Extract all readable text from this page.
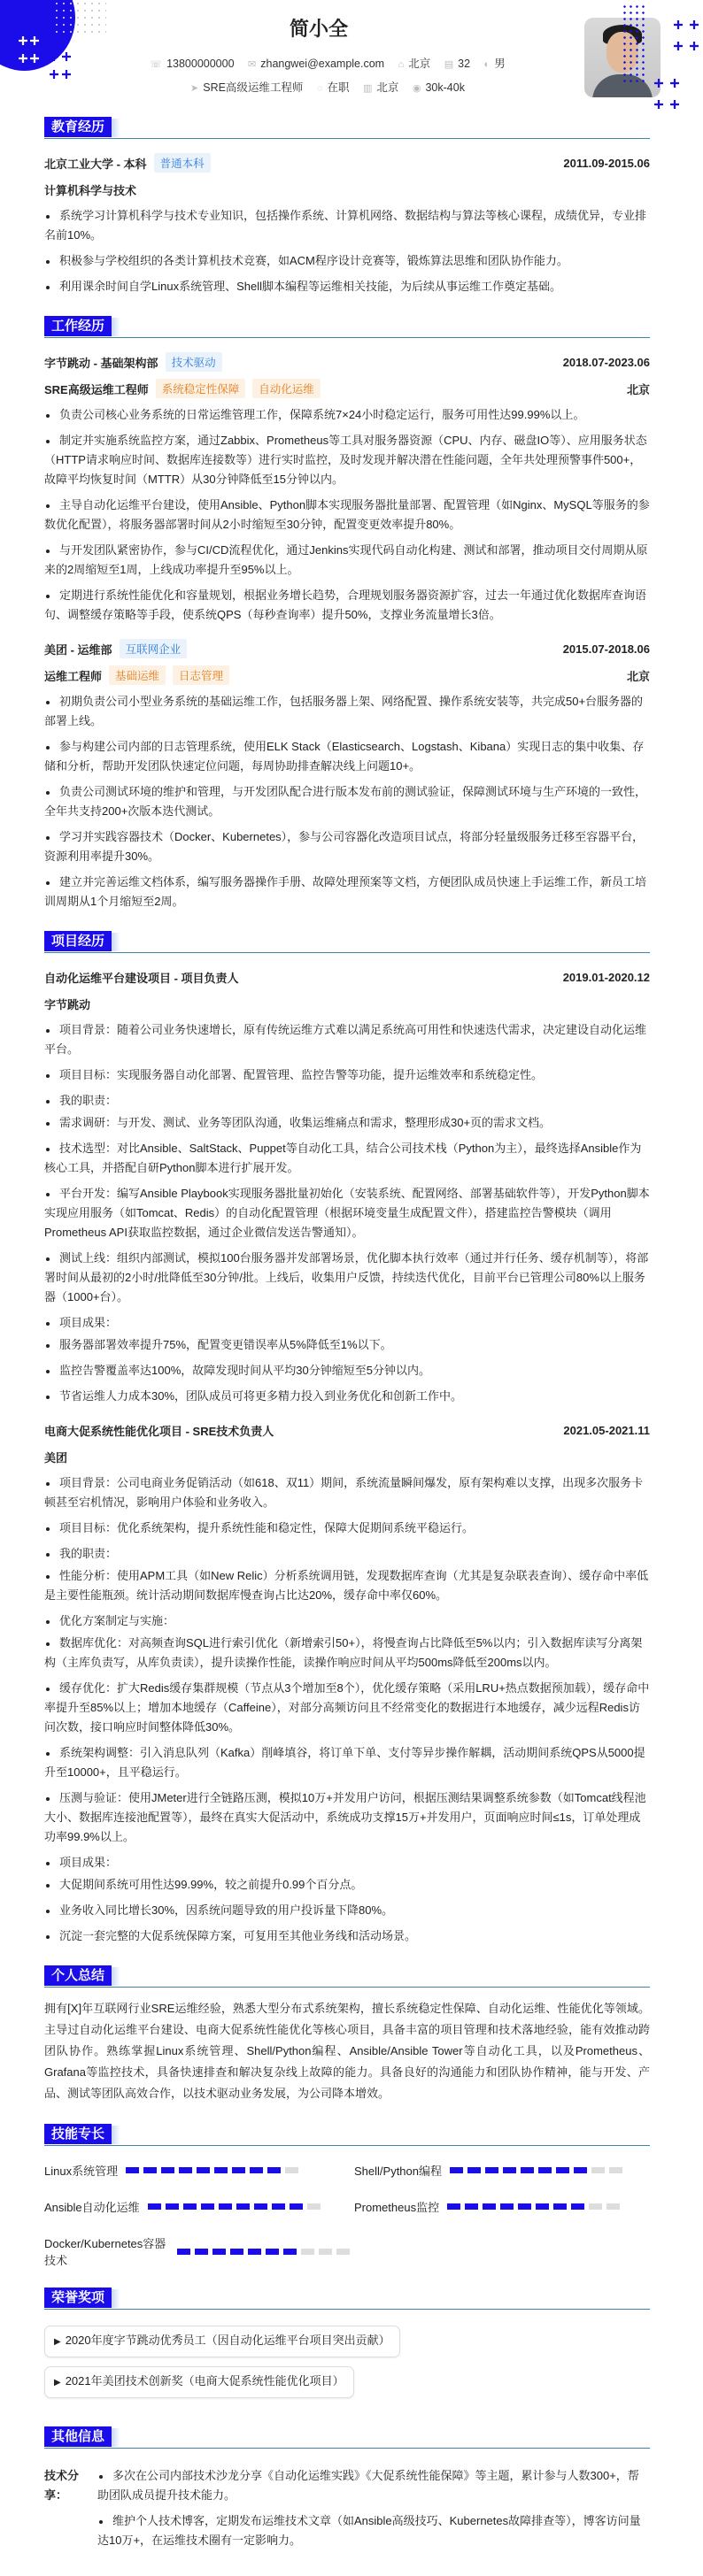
简小全
☏ 13800000000 ✉ zhangwei@example.com ⌂ 北京 ▤ 32 ◐ 男
➤ SRE高级运维工程师 ◌ 在职 ▥ 北京 ◉ 30k-40k
教育经历
北京工业大学 - 本科	普通本科	2011.09-2015.06
计算机科学与技术
系统学习计算机科学与技术专业知识，包括操作系统、计算机网络、数据结构与算法等核心课程，成绩优异，专业排名前10%。
积极参与学校组织的各类计算机技术竞赛，如ACM程序设计竞赛等，锻炼算法思维和团队协作能力。
利用课余时间自学Linux系统管理、Shell脚本编程等运维相关技能，为后续从事运维工作奠定基础。
工作经历
字节跳动 - 基础架构部	技术驱动	2018.07-2023.06
SRE高级运维工程师	系统稳定性保障	自动化运维	北京
负责公司核心业务系统的日常运维管理工作，保障系统7×24小时稳定运行，服务可用性达99.99%以上。
制定并实施系统监控方案，通过Zabbix、Prometheus等工具对服务器资源（CPU、内存、磁盘IO等）、应用服务状态（HTTP请求响应时间、数据库连接数等）进行实时监控，及时发现并解决潜在性能问题，全年共处理预警事件500+，故障平均恢复时间（MTTR）从30分钟降低至15分钟以内。
主导自动化运维平台建设，使用Ansible、Python脚本实现服务器批量部署、配置管理（如Nginx、MySQL等服务的参数优化配置），将服务器部署时间从2小时缩短至30分钟，配置变更效率提升80%。
与开发团队紧密协作，参与CI/CD流程优化，通过Jenkins实现代码自动化构建、测试和部署，推动项目交付周期从原来的2周缩短至1周，上线成功率提升至95%以上。
定期进行系统性能优化和容量规划，根据业务增长趋势，合理规划服务器资源扩容，过去一年通过优化数据库查询语句、调整缓存策略等手段，使系统QPS（每秒查询率）提升50%，支撑业务流量增长3倍。
美团 - 运维部	互联网企业	2015.07-2018.06
运维工程师	基础运维	日志管理	北京
初期负责公司小型业务系统的基础运维工作，包括服务器上架、网络配置、操作系统安装等，共完成50+台服务器的部署上线。
参与构建公司内部的日志管理系统，使用ELK Stack（Elasticsearch、Logstash、Kibana）实现日志的集中收集、存储和分析，帮助开发团队快速定位问题，每周协助排查解决线上问题10+。
负责公司测试环境的维护和管理，与开发团队配合进行版本发布前的测试验证，保障测试环境与生产环境的一致性，全年共支持200+次版本迭代测试。
学习并实践容器技术（Docker、Kubernetes），参与公司容器化改造项目试点，将部分轻量级服务迁移至容器平台，资源利用率提升30%。
建立并完善运维文档体系，编写服务器操作手册、故障处理预案等文档，方便团队成员快速上手运维工作，新员工培训周期从1个月缩短至2周。
项目经历
自动化运维平台建设项目 - 项目负责人	2019.01-2020.12
字节跳动
项目背景：随着公司业务快速增长，原有传统运维方式难以满足系统高可用性和快速迭代需求，决定建设自动化运维平台。
项目目标：实现服务器自动化部署、配置管理、监控告警等功能，提升运维效率和系统稳定性。
我的职责：
需求调研：与开发、测试、业务等团队沟通，收集运维痛点和需求，整理形成30+页的需求文档。
技术选型：对比Ansible、SaltStack、Puppet等自动化工具，结合公司技术栈（Python为主），最终选择Ansible作为核心工具，并搭配自研Python脚本进行扩展开发。
平台开发：编写Ansible Playbook实现服务器批量初始化（安装系统、配置网络、部署基础软件等），开发Python脚本实现应用服务（如Tomcat、Redis）的自动化配置管理（根据环境变量生成配置文件），搭建监控告警模块（调用Prometheus API获取监控数据，通过企业微信发送告警通知）。
测试上线：组织内部测试，模拟100台服务器并发部署场景，优化脚本执行效率（通过并行任务、缓存机制等），将部署时间从最初的2小时/批降低至30分钟/批。上线后，收集用户反馈，持续迭代优化，目前平台已管理公司80%以上服务器（1000+台）。
项目成果：
服务器部署效率提升75%，配置变更错误率从5%降低至1%以下。
监控告警覆盖率达100%，故障发现时间从平均30分钟缩短至5分钟以内。
节省运维人力成本30%，团队成员可将更多精力投入到业务优化和创新工作中。
电商大促系统性能优化项目 - SRE技术负责人	2021.05-2021.11
美团
项目背景：公司电商业务促销活动（如618、双11）期间，系统流量瞬间爆发，原有架构难以支撑，出现多次服务卡顿甚至宕机情况，影响用户体验和业务收入。
项目目标：优化系统架构，提升系统性能和稳定性，保障大促期间系统平稳运行。
我的职责：
性能分析：使用APM工具（如New Relic）分析系统调用链，发现数据库查询（尤其是复杂联表查询）、缓存命中率低是主要性能瓶颈。统计活动期间数据库慢查询占比达20%，缓存命中率仅60%。
优化方案制定与实施：
数据库优化：对高频查询SQL进行索引优化（新增索引50+），将慢查询占比降低至5%以内；引入数据库读写分离架构（主库负责写，从库负责读），提升读操作性能，读操作响应时间从平均500ms降低至200ms以内。
缓存优化：扩大Redis缓存集群规模（节点从3个增加至8个），优化缓存策略（采用LRU+热点数据预加载），缓存命中率提升至85%以上；增加本地缓存（Caffeine），对部分高频访问且不经常变化的数据进行本地缓存，减少远程Redis访问次数，接口响应时间整体降低30%。
系统架构调整：引入消息队列（Kafka）削峰填谷，将订单下单、支付等异步操作解耦，活动期间系统QPS从5000提升至10000+，且平稳运行。
压测与验证：使用JMeter进行全链路压测，模拟10万+并发用户访问，根据压测结果调整系统参数（如Tomcat线程池大小、数据库连接池配置等），最终在真实大促活动中，系统成功支撑15万+并发用户，页面响应时间≤1s，订单处理成功率99.9%以上。
项目成果：
大促期间系统可用性达99.99%，较之前提升0.99个百分点。
业务收入同比增长30%，因系统问题导致的用户投诉量下降80%。
沉淀一套完整的大促系统保障方案，可复用至其他业务线和活动场景。
个人总结

拥有[X]年互联网行业SRE运维经验，熟悉大型分布式系统架构，擅长系统稳定性保障、自动化运维、性能优化等领域。主导过自动化运维平台建设、电商大促系统性能优化等核心项目，具备丰富的项目管理和技术落地经验，能有效推动跨团队协作。熟练掌握Linux系统管理、Shell/Python编程、Ansible/Ansible Tower等自动化工具，以及Prometheus、Grafana等监控技术，具备快速排查和解决复杂线上故障的能力。具备良好的沟通能力和团队协作精神，能与开发、产品、测试等团队高效合作，以技术驱动业务发展，为公司降本增效。

技能专长
Linux系统管理	Shell/Python编程
Ansible自动化运维	Prometheus监控
Docker/Kubernetes容器技术
荣誉奖项
▶ 2020年度字节跳动优秀员工（因自动化运维平台项目突出贡献）
▶ 2021年美团技术创新奖（电商大促系统性能优化项目）
其他信息
技术分享：
多次在公司内部技术沙龙分享《自动化运维实践》《大促系统性能保障》等主题，累计参与人数300+，帮助团队成员提升技术能力。
维护个人技术博客，定期发布运维技术文章（如Ansible高级技巧、Kubernetes故障排查等），博客访问量达10万+，在运维技术圈有一定影响力。
